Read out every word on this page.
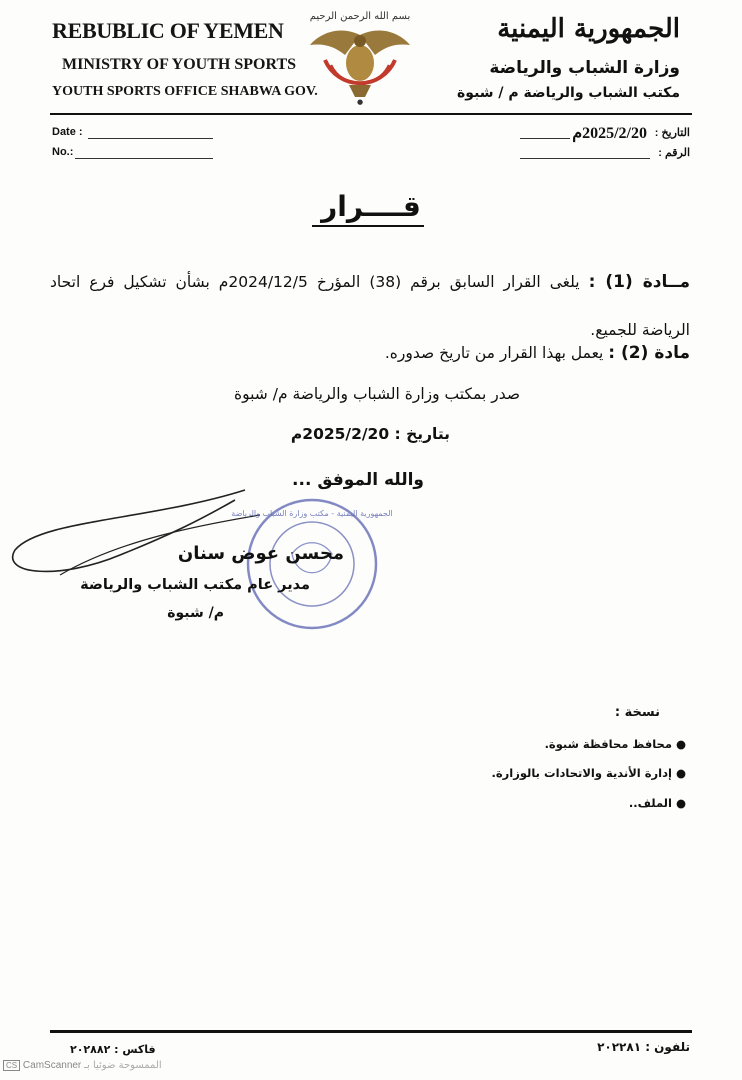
REBUBLIC OF YEMEN
MINISTRY OF YOUTH SPORTS
YOUTH SPORTS OFFICE SHABWA GOV.
الجمهورية اليمنية
وزارة الشباب والرياضة
مكتب الشباب والرياضة م / شبوة
بسم الله الرحمن الرحيم
●
Date :
No.:
التاريخ :
2025/2/20م
الرقم :
قــــرار
مــادة (1) : يلغى القرار السابق برقم (38) المؤرخ 2024/12/5م بشأن تشكيل فرع اتحاد الرياضة للجميع.
مادة (2) : يعمل بهذا القرار من تاريخ صدوره.
صدر بمكتب وزارة الشباب والرياضة م/ شبوة
بتاريخ : 2025/2/20م
والله الموفق ...
الجمهورية اليمنية - مكتب وزارة الشباب والرياضة
محسن عوض سنان
مدير عام مكتب الشباب والرياضة
م/ شبوة
نسخة :
● محافظ محافظة شبوة.
● إدارة الأندية والاتحادات بالوزارة.
● الملف..
تلفون : ٢٠٢٢٨١
فاكس : ٢٠٢٨٨٢
CS CamScanner الممسوحة ضوئيا بـ
